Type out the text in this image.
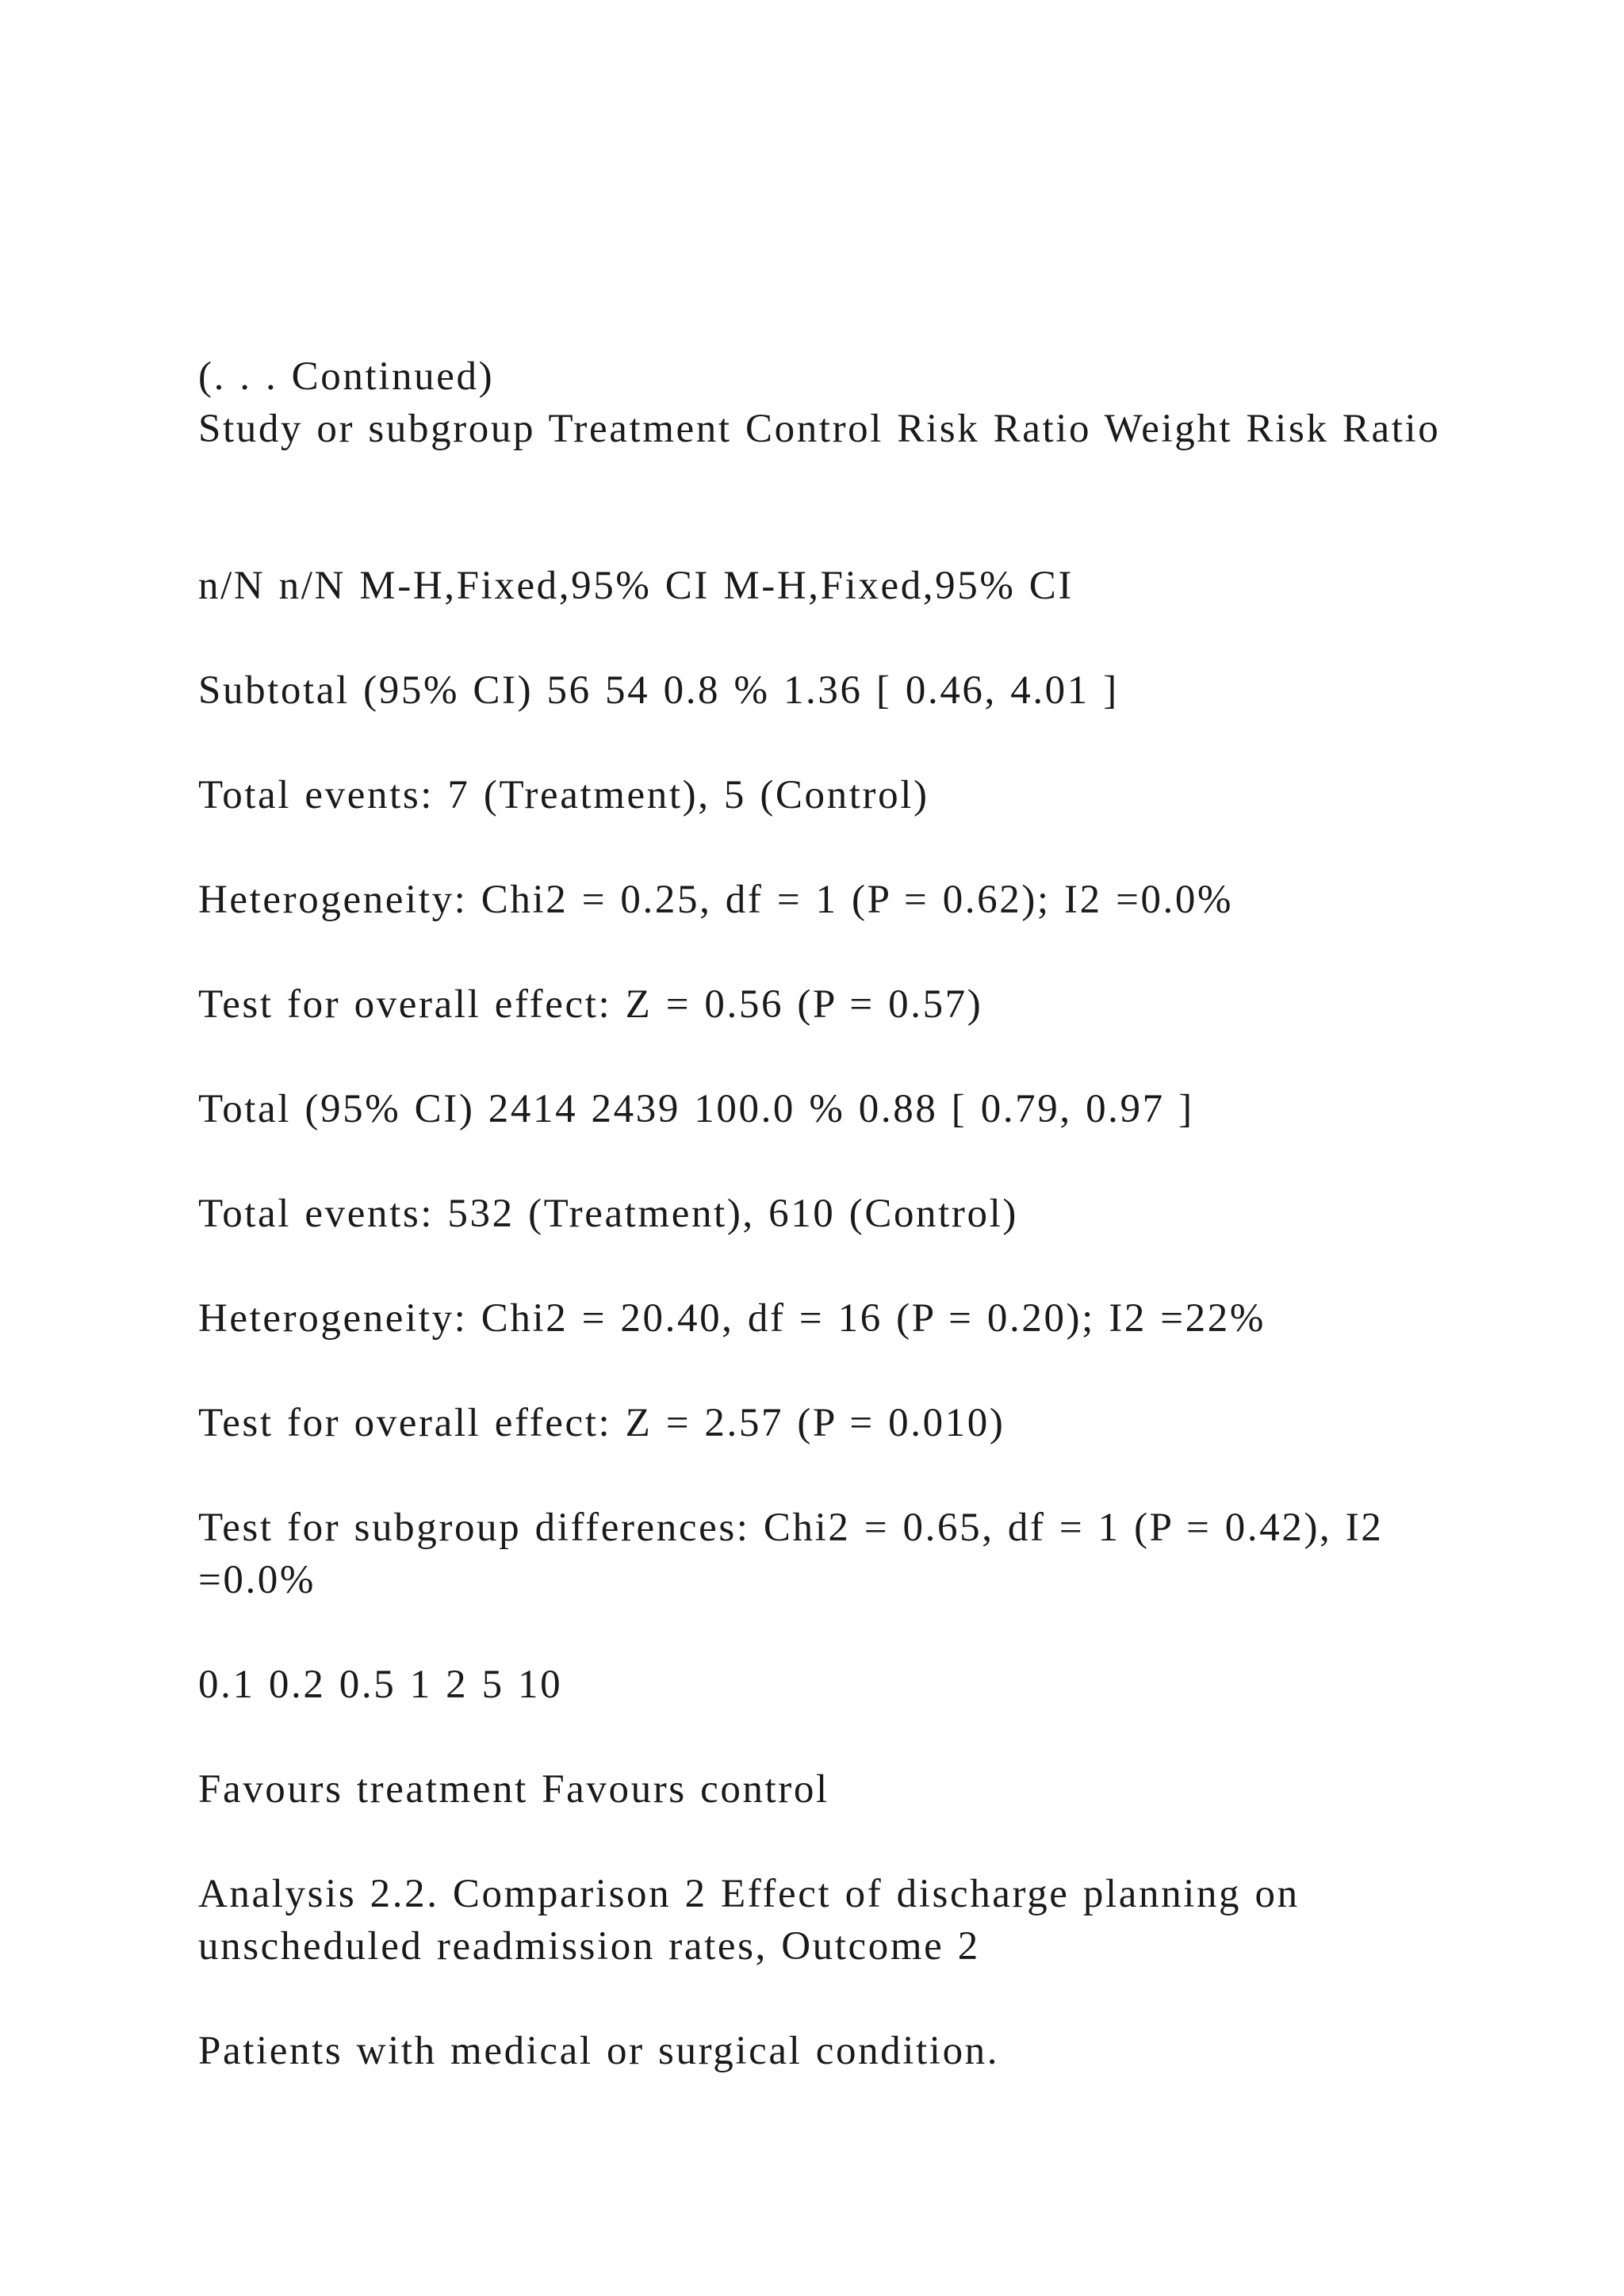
(. . . Continued)
Study or subgroup Treatment Control Risk Ratio Weight Risk Ratio
n/N n/N M-H,Fixed,95% CI M-H,Fixed,95% CI
Subtotal (95% CI) 56 54 0.8 % 1.36 [ 0.46, 4.01 ]
Total events: 7 (Treatment), 5 (Control)
Heterogeneity: Chi2 = 0.25, df = 1 (P = 0.62); I2 =0.0%
Test for overall effect: Z = 0.56 (P = 0.57)
Total (95% CI) 2414 2439 100.0 % 0.88 [ 0.79, 0.97 ]
Total events: 532 (Treatment), 610 (Control)
Heterogeneity: Chi2 = 20.40, df = 16 (P = 0.20); I2 =22%
Test for overall effect: Z = 2.57 (P = 0.010)
Test for subgroup differences: Chi2 = 0.65, df = 1 (P = 0.42), I2 =0.0%
0.1 0.2 0.5 1 2 5 10
Favours treatment Favours control
Analysis 2.2. Comparison 2 Effect of discharge planning on unscheduled readmission rates, Outcome 2
Patients with medical or surgical condition.
